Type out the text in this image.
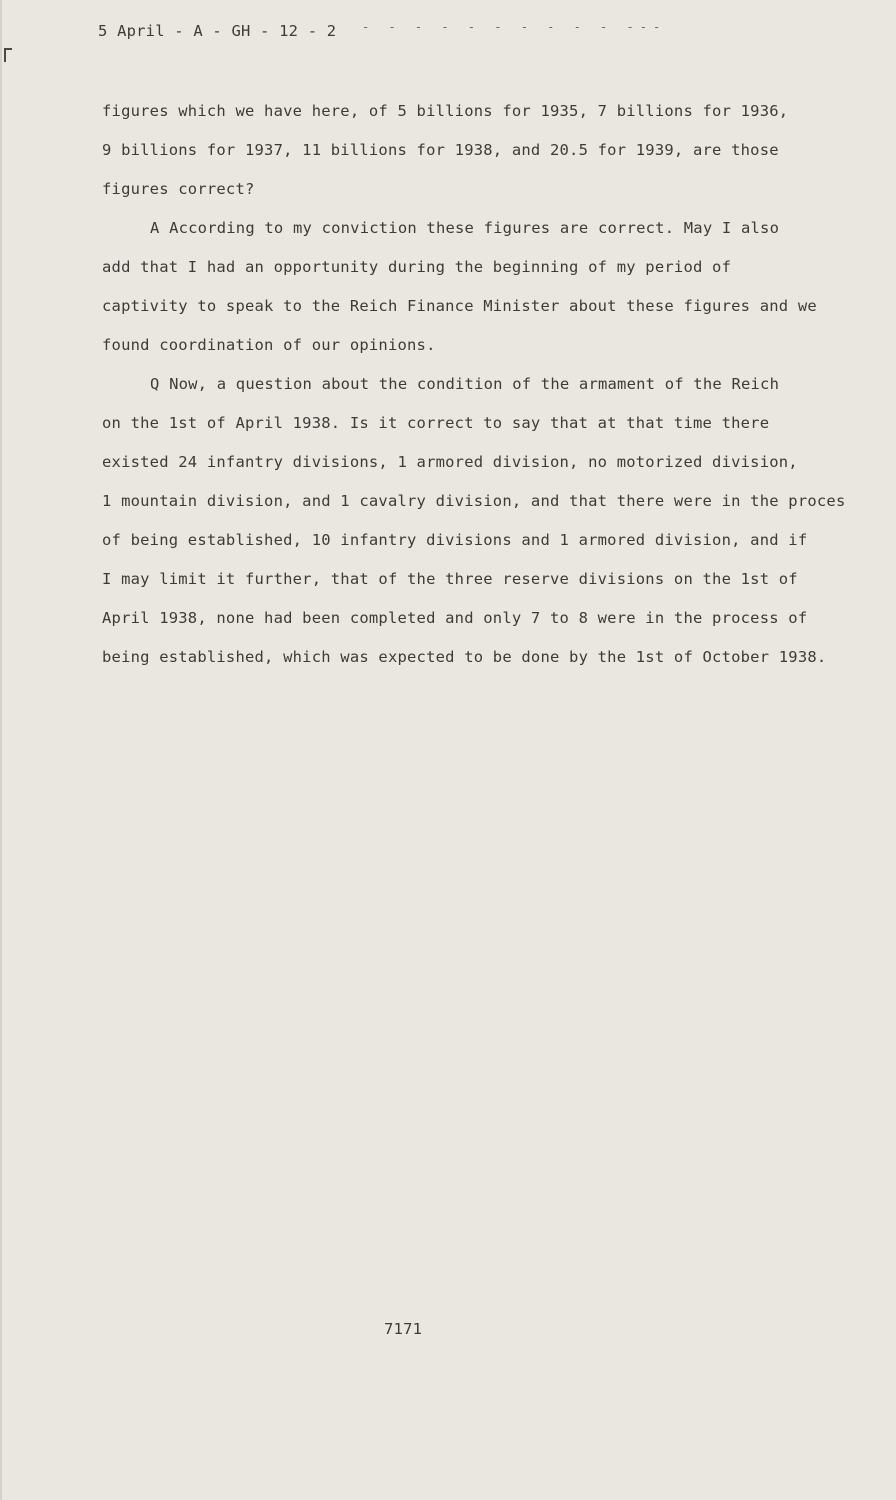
5 April - A - GH - 12 - 2 - - - - - - - - - - ---

figures which we have here, of 5 billions for 1935, 7 billions for 1936,

9 billions for 1937, 11 billions for 1938, and 20.5 for 1939, are those

figures correct?

A According to my conviction these figures are correct. May I also

add that I had an opportunity during the beginning of my period of

captivity to speak to the Reich Finance Minister about these figures and we

found coordination of our opinions.

Q Now, a question about the condition of the armament of the Reich

on the 1st of April 1938. Is it correct to say that at that time there

existed 24 infantry divisions, 1 armored division, no motorized division,

1 mountain division, and 1 cavalry division, and that there were in the proces

of being established, 10 infantry divisions and 1 armored division, and if

I may limit it further, that of the three reserve divisions on the 1st of

April 1938, none had been completed and only 7 to 8 were in the process of

being established, which was expected to be done by the 1st of October 1938.

7171
